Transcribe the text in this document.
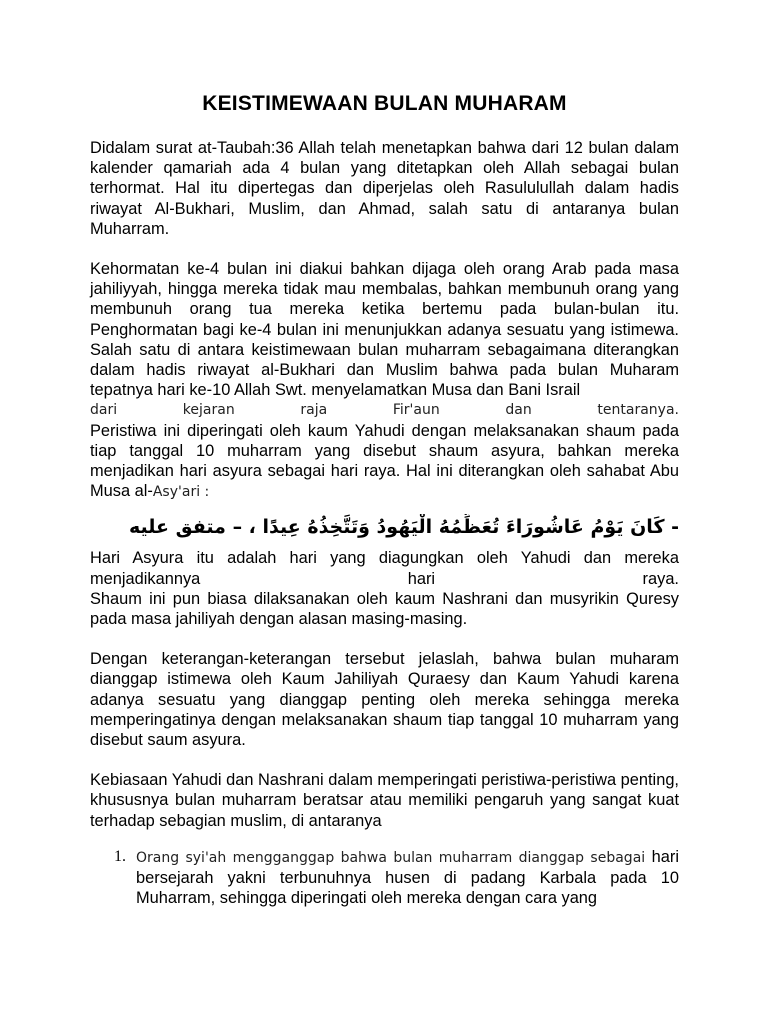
KEISTIMEWAAN BULAN MUHARAM

Didalam surat at-Taubah:36 Allah telah menetapkan bahwa dari 12 bulan dalam kalender qamariah ada 4 bulan yang ditetapkan oleh Allah sebagai bulan terhormat. Hal itu dipertegas dan diperjelas oleh Rasululullah dalam hadis riwayat Al-Bukhari, Muslim, dan Ahmad, salah satu di antaranya bulan Muharram.

Kehormatan ke-4 bulan ini diakui bahkan dijaga oleh orang Arab pada masa jahiliyyah, hingga mereka tidak mau membalas, bahkan membunuh orang yang membunuh orang tua mereka ketika bertemu pada bulan-bulan itu. Penghormatan bagi ke-4 bulan ini menunjukkan adanya sesuatu yang istimewa. Salah satu di antara keistimewaan bulan muharram sebagaimana diterangkan dalam hadis riwayat al-Bukhari dan Muslim bahwa pada bulan Muharam tepatnya hari ke-10 Allah Swt. menyelamatkan Musa dan Bani Israil
dari kejaran raja Fir'aun dan tentaranya.

Peristiwa ini diperingati oleh kaum Yahudi dengan melaksanakan shaum pada tiap tanggal 10 muharram yang disebut shaum asyura, bahkan mereka menjadikan hari asyura sebagai hari raya. Hal ini diterangkan oleh sahabat Abu Musa al-Asy'ari :

- كَانَ يَوْمُ عَاشُورَاءَ تُعَظِّمُهُ الْيَهُودُ وَتَتَّخِذُهُ عِيدًا ، – متفق عليه

Hari Asyura itu adalah hari yang diagungkan oleh Yahudi dan mereka
menjadikannya hari raya.
Shaum ini pun biasa dilaksanakan oleh kaum Nashrani dan musyrikin Quresy pada masa jahiliyah dengan alasan masing-masing.

Dengan keterangan-keterangan tersebut jelaslah, bahwa bulan muharam dianggap istimewa oleh Kaum Jahiliyah Quraesy dan Kaum Yahudi karena adanya sesuatu yang dianggap penting oleh mereka sehingga mereka memperingatinya dengan melaksanakan shaum tiap tanggal 10 muharram yang disebut saum asyura.

Kebiasaan Yahudi dan Nashrani dalam memperingati peristiwa-peristiwa penting, khususnya bulan muharram beratsar atau memiliki pengaruh yang sangat kuat terhadap sebagian muslim, di antaranya

1. Orang syi'ah mengganggap bahwa bulan muharram dianggap sebagai hari bersejarah yakni terbunuhnya husen di padang Karbala pada 10 Muharram, sehingga diperingati oleh mereka dengan cara yang
